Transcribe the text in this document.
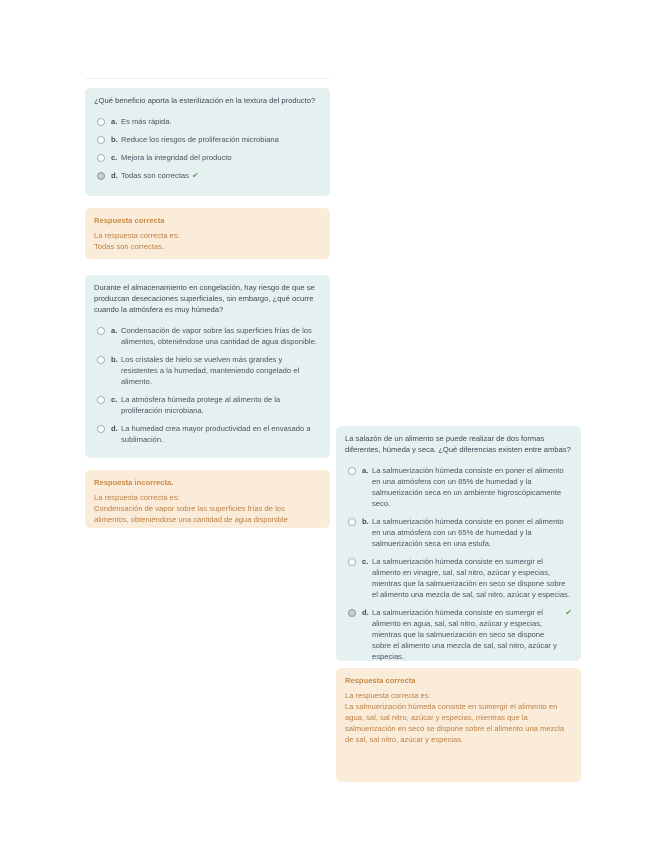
¿Qué beneficio aporta la esterilización en la textura del producto?

a. Es más rápida.
b. Reduce los riesgos de proliferación microbiana
c. Mejora la integridad del producto
d. Todas son correctas ✔
Respuesta correcta
La respuesta correcta es:
Todas son correctas.

Durante el almacenamiento en congelación, hay riesgo de que se produzcan desecaciones superficiales, sin embargo, ¿qué ocurre cuando la atmósfera es muy húmeda?

a. Condensación de vapor sobre las superficies frías de los alimentos, obteniéndose una cantidad de agua disponible.
b. Los cristales de hielo se vuelven más grandes y resistentes a la humedad, manteniendo congelado el alimento.
c. La atmósfera húmeda protege al alimento de la proliferación microbiana.
d. La humedad crea mayor productividad en el envasado a sublimación.
Respuesta incorrecta.
La respuesta correcta es:
Condensación de vapor sobre las superficies frías de los alimentos, obteniéndose una cantidad de agua disponible

La salazón de un alimento se puede realizar de dos formas diferentes, húmeda y seca. ¿Qué diferencias existen entre ambas?

a. La salmuerización húmeda consiste en poner el alimento en una atmósfera con un 85% de humedad y la salmuerización seca en un ambiente higroscópicamente seco.
b. La salmuerización húmeda consiste en poner el alimento en una atmósfera con un 65% de humedad y la salmuerización seca en una estufa.
c. La salmuerización húmeda consiste en sumergir el alimento en vinagre, sal, sal nitro, azúcar y especias, mientras que la salmuerización en seco se dispone sobre el alimento una mezcla de sal, sal nitro, azúcar y especias.
d. La salmuerización húmeda consiste en sumergir el alimento en agua, sal, sal nitro, azúcar y especias, mientras que la salmuerización en seco se dispone sobre el alimento una mezcla de sal, sal nitro, azúcar y especias.
✔
Respuesta correcta
La respuesta correcta es:
La salmuerización húmeda consiste en sumergir el alimento en agua, sal, sal nitro, azúcar y especias, mientras que la salmuerización en seco se dispone sobre el alimento una mezcla de sal, sal nitro, azúcar y especias.
